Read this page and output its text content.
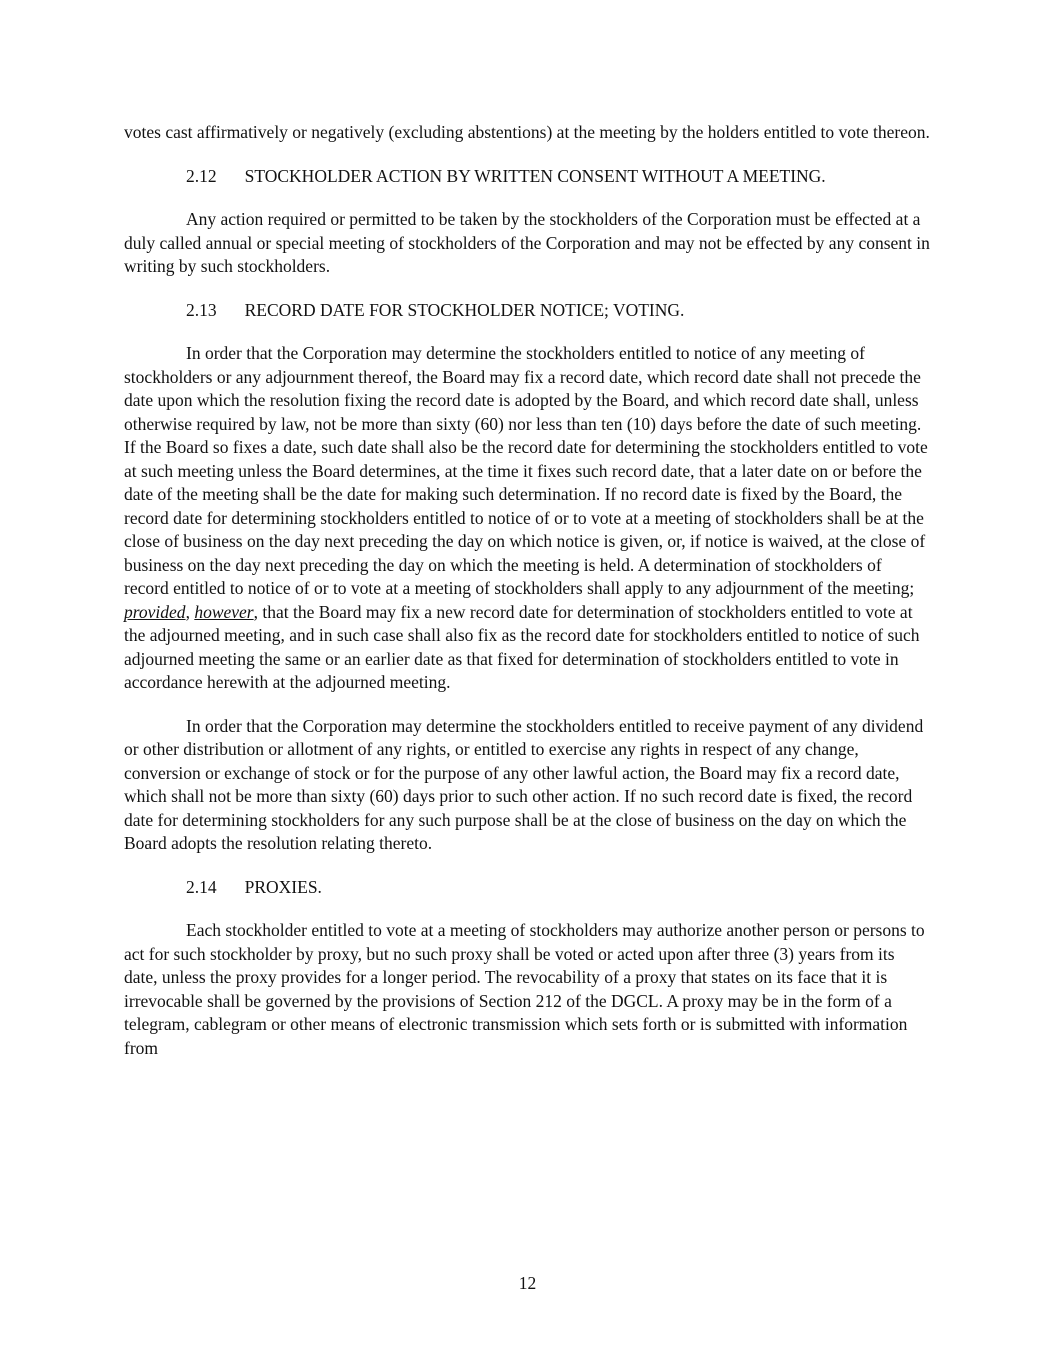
votes cast affirmatively or negatively (excluding abstentions) at the meeting by the holders entitled to vote thereon.

2.12 STOCKHOLDER ACTION BY WRITTEN CONSENT WITHOUT A MEETING.

Any action required or permitted to be taken by the stockholders of the Corporation must be effected at a duly called annual or special meeting of stockholders of the Corporation and may not be effected by any consent in writing by such stockholders.

2.13 RECORD DATE FOR STOCKHOLDER NOTICE; VOTING.

In order that the Corporation may determine the stockholders entitled to notice of any meeting of stockholders or any adjournment thereof, the Board may fix a record date, which record date shall not precede the date upon which the resolution fixing the record date is adopted by the Board, and which record date shall, unless otherwise required by law, not be more than sixty (60) nor less than ten (10) days before the date of such meeting. If the Board so fixes a date, such date shall also be the record date for determining the stockholders entitled to vote at such meeting unless the Board determines, at the time it fixes such record date, that a later date on or before the date of the meeting shall be the date for making such determination. If no record date is fixed by the Board, the record date for determining stockholders entitled to notice of or to vote at a meeting of stockholders shall be at the close of business on the day next preceding the day on which notice is given, or, if notice is waived, at the close of business on the day next preceding the day on which the meeting is held. A determination of stockholders of record entitled to notice of or to vote at a meeting of stockholders shall apply to any adjournment of the meeting; provided, however, that the Board may fix a new record date for determination of stockholders entitled to vote at the adjourned meeting, and in such case shall also fix as the record date for stockholders entitled to notice of such adjourned meeting the same or an earlier date as that fixed for determination of stockholders entitled to vote in accordance herewith at the adjourned meeting.

In order that the Corporation may determine the stockholders entitled to receive payment of any dividend or other distribution or allotment of any rights, or entitled to exercise any rights in respect of any change, conversion or exchange of stock or for the purpose of any other lawful action, the Board may fix a record date, which shall not be more than sixty (60) days prior to such other action. If no such record date is fixed, the record date for determining stockholders for any such purpose shall be at the close of business on the day on which the Board adopts the resolution relating thereto.

2.14 PROXIES.

Each stockholder entitled to vote at a meeting of stockholders may authorize another person or persons to act for such stockholder by proxy, but no such proxy shall be voted or acted upon after three (3) years from its date, unless the proxy provides for a longer period. The revocability of a proxy that states on its face that it is irrevocable shall be governed by the provisions of Section 212 of the DGCL. A proxy may be in the form of a telegram, cablegram or other means of electronic transmission which sets forth or is submitted with information from

12
